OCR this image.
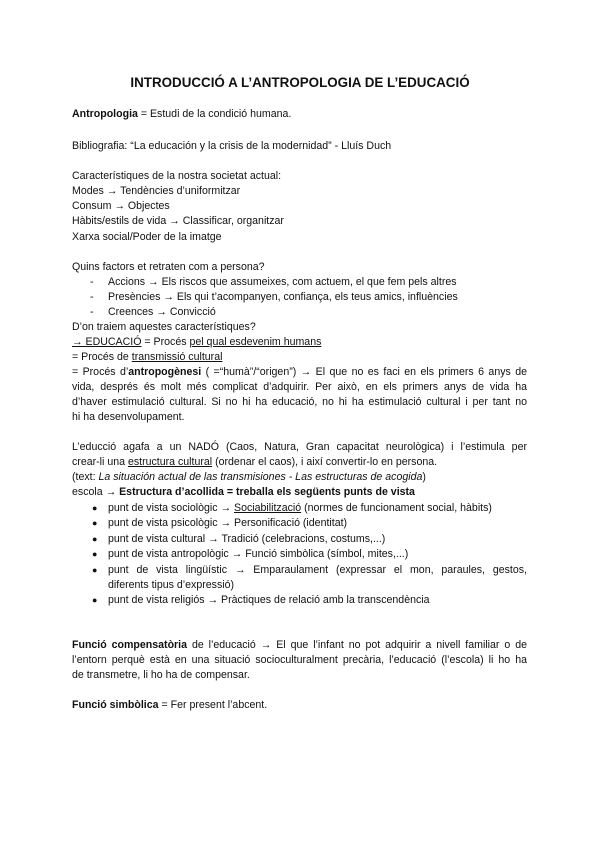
INTRODUCCIÓ A L’ANTROPOLOGIA DE L’EDUCACIÓ
Antropologia = Estudi de la condició humana.
Bibliografia: “La educación y la crisis de la modernidad” - Lluís Duch
Característiques de la nostra societat actual:
Modes → Tendències d’uniformitzar
Consum → Objectes
Hàbits/estils de vida → Classificar, organitzar
Xarxa social/Poder de la imatge
Quins factors et retraten com a persona?
- Accions → Els riscos que assumeixes, com actuem, el que fem pels altres
- Presències → Els qui t’acompanyen, confiança, els teus amics, influències
- Creences → Convicció
D’on traiem aquestes característiques?
→ EDUCACIÓ = Procés pel qual esdevenim humans
= Procés de transmissió cultural
= Procés d’antropogènesi ( =“humà”/“origen”) → El que no es faci en els primers 6 anys de
vida, després és molt més complicat d’adquirir. Per això, en els primers anys de vida ha
d’haver estimulació cultural. Si no hi ha educació, no hi ha estimulació cultural i per tant no
hi ha desenvolupament.
L’educció agafa a un NADÓ (Caos, Natura, Gran capacitat neurològica) i l’estimula per
crear-li una estructura cultural (ordenar el caos), i així convertir-lo en persona.
(text: La situación actual de las transmisiones - Las estructuras de acogida)
escola → Estructura d’acollida = treballa els següents punts de vista
● punt de vista sociològic → Sociabilització (normes de funcionament social, hàbits)
● punt de vista psicològic → Personificació (identitat)
● punt de vista cultural → Tradició (celebracions, costums,...)
● punt de vista antropològic → Funció simbòlica (símbol, mites,...)
● punt de vista lingüístic → Emparaulament (expressar el mon, paraules, gestos,
diferents tipus d’expressió)
● punt de vista religiós → Pràctiques de relació amb la transcendència
Funció compensatòria de l’educació → El que l’infant no pot adquirir a nivell familiar o de
l’entorn perquè està en una situació socioculturalment precària, l’educació (l’escola) li ho ha
de transmetre, li ho ha de compensar.
Funció simbòlica = Fer present l’abcent.
